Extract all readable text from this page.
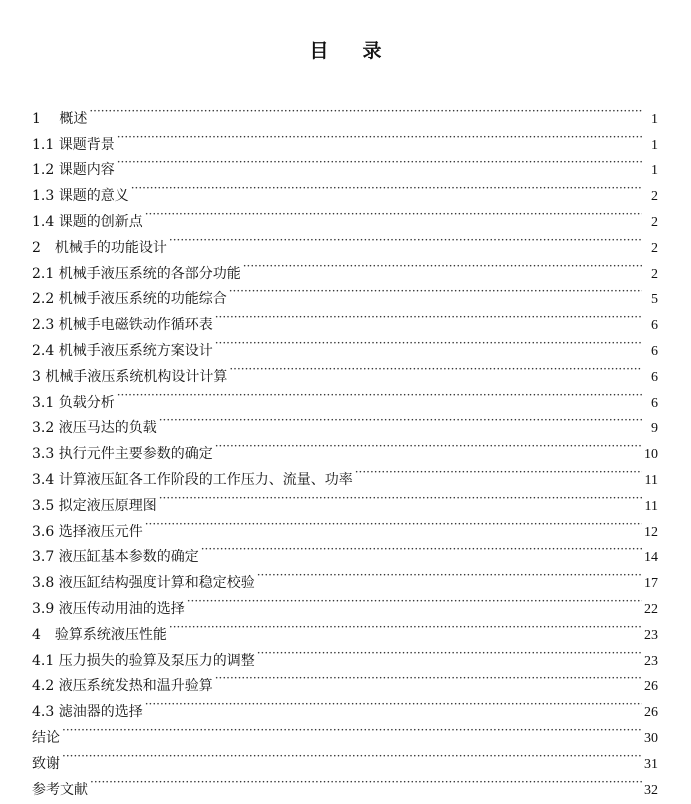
目 录
1　 概述 ·····	1
1.1 课题背景 ·····	1
1.2 课题内容 ·····	1
1.3 课题的意义 ·····	2
1.4 课题的创新点 ·····	2
2　机械手的功能设计 ·····	2
2.1 机械手液压系统的各部分功能 ·····	2
2.2 机械手液压系统的功能综合 ·····	5
2.3 机械手电磁铁动作循环表 ·····	6
2.4 机械手液压系统方案设计 ·····	6
3 机械手液压系统机构设计计算 ·····	6
3.1 负载分析 ·····	6
3.2 液压马达的负载 ·····	9
3.3 执行元件主要参数的确定 ·····	10
3.4 计算液压缸各工作阶段的工作压力、流量、功率 ·····	11
3.5 拟定液压原理图 ·····	11
3.6 选择液压元件 ·····	12
3.7 液压缸基本参数的确定 ·····	14
3.8 液压缸结构强度计算和稳定校验 ·····	17
3.9 液压传动用油的选择 ·····	22
4　验算系统液压性能 ·····	23
4.1 压力损失的验算及泵压力的调整 ·····	23
4.2 液压系统发热和温升验算 ·····	26
4.3 滤油器的选择 ·····	26
结论 ·····	30
致谢 ·····	31
参考文献 ·····	32
